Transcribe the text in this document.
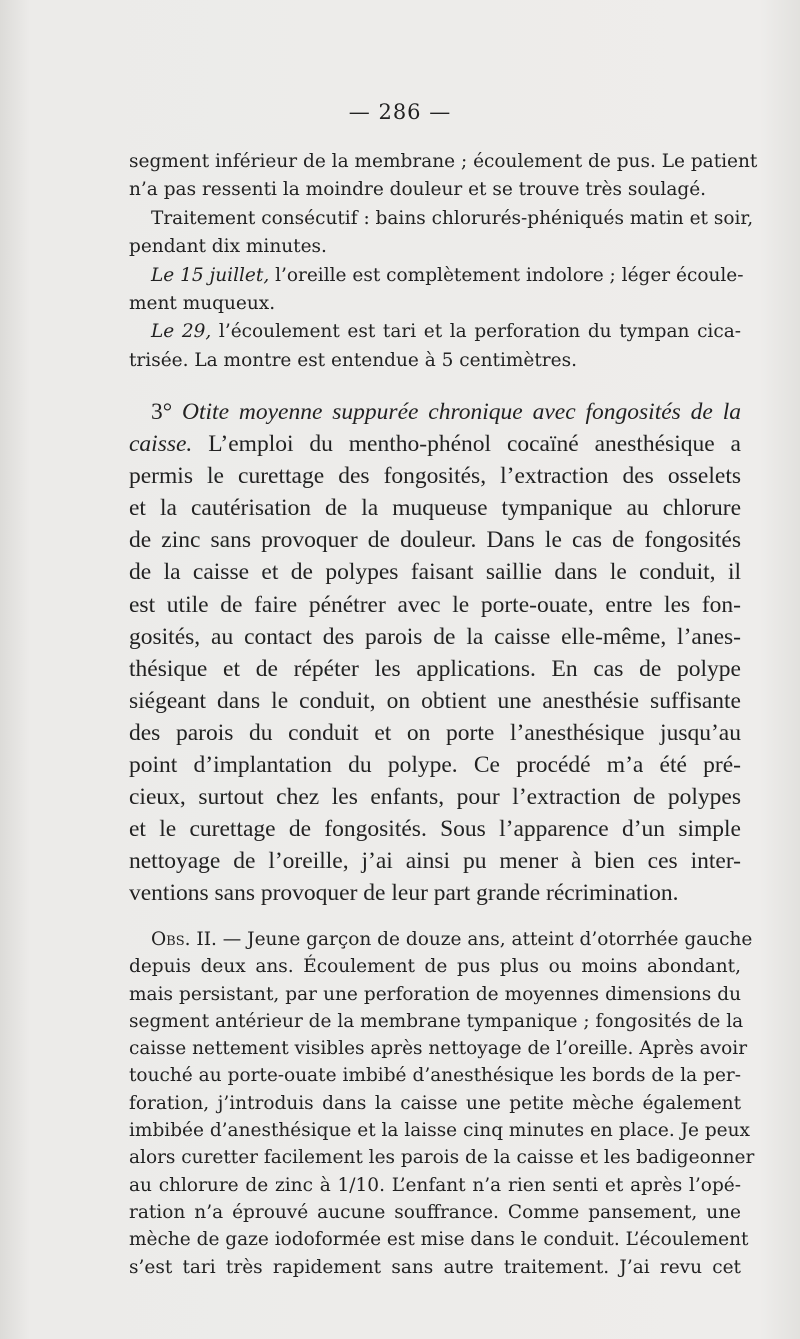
— 286 —
segment inférieur de la membrane ; écoulement de pus. Le patient
n’a pas ressenti la moindre douleur et se trouve très soulagé.
Traitement consécutif : bains chlorurés-phéniqués matin et soir,
pendant dix minutes.
Le 15 juillet, l’oreille est complètement indolore ; léger écoule-
ment muqueux.
Le 29, l’écoulement est tari et la perforation du tympan cica-
trisée. La montre est entendue à 5 centimètres.
3° Otite moyenne suppurée chronique avec fongosités de la
caisse. L’emploi du mentho-phénol cocaïné anesthésique a
permis le curettage des fongosités, l’extraction des osselets
et la cautérisation de la muqueuse tympanique au chlorure
de zinc sans provoquer de douleur. Dans le cas de fongosités
de la caisse et de polypes faisant saillie dans le conduit, il
est utile de faire pénétrer avec le porte-ouate, entre les fon-
gosités, au contact des parois de la caisse elle-même, l’anes-
thésique et de répéter les applications. En cas de polype
siégeant dans le conduit, on obtient une anesthésie suffisante
des parois du conduit et on porte l’anesthésique jusqu’au
point d’implantation du polype. Ce procédé m’a été pré-
cieux, surtout chez les enfants, pour l’extraction de polypes
et le curettage de fongosités. Sous l’apparence d’un simple
nettoyage de l’oreille, j’ai ainsi pu mener à bien ces inter-
ventions sans provoquer de leur part grande récrimination.
Obs. II. — Jeune garçon de douze ans, atteint d’otorrhée gauche
depuis deux ans. Écoulement de pus plus ou moins abondant,
mais persistant, par une perforation de moyennes dimensions du
segment antérieur de la membrane tympanique ; fongosités de la
caisse nettement visibles après nettoyage de l’oreille. Après avoir
touché au porte-ouate imbibé d’anesthésique les bords de la per-
foration, j’introduis dans la caisse une petite mèche également
imbibée d’anesthésique et la laisse cinq minutes en place. Je peux
alors curetter facilement les parois de la caisse et les badigeonner
au chlorure de zinc à 1/10. L’enfant n’a rien senti et après l’opé-
ration n’a éprouvé aucune souffrance. Comme pansement, une
mèche de gaze iodoformée est mise dans le conduit. L’écoulement
s’est tari très rapidement sans autre traitement. J’ai revu cet
